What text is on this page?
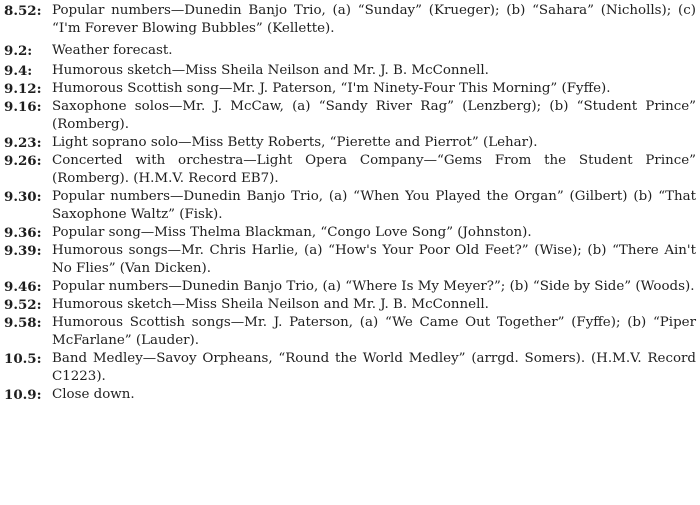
8.52: Popular numbers—Dunedin Banjo Trio, (a) “Sunday” (Krueger); (b) “Sahara” (Nicholls); (c) “I'm Forever Blowing Bubbles” (Kellette).
9.2:	Weather forecast.
9.4:	Humorous sketch—Miss Sheila Neilson and Mr. J. B. McConnell.
9.12: Humorous Scottish song—Mr. J. Paterson, “I'm Ninety-Four This Morning” (Fyffe).
9.16: Saxophone solos—Mr. J. McCaw, (a) “Sandy River Rag” (Lenzberg); (b) “Student Prince” (Romberg).
9.23: Light soprano solo—Miss Betty Roberts, “Pierette and Pierrot” (Lehar).
9.26: Concerted with orchestra—Light Opera Company—“Gems From the Student Prince” (Romberg). (H.M.V. Record EB7).
9.30: Popular numbers—Dunedin Banjo Trio, (a) “When You Played the Organ” (Gilbert) (b) “That Saxophone Waltz” (Fisk).
9.36: Popular song—Miss Thelma Blackman, “Congo Love Song” (Johnston).
9.39: Humorous songs—Mr. Chris Harlie, (a) “How's Your Poor Old Feet?” (Wise); (b) “There Ain't No Flies” (Van Dicken).
9.46: Popular numbers—Dunedin Banjo Trio, (a) “Where Is My Meyer?”; (b) “Side by Side” (Woods).
9.52: Humorous sketch—Miss Sheila Neilson and Mr. J. B. McConnell.
9.58: Humorous Scottish songs—Mr. J. Paterson, (a) “We Came Out Together” (Fyffe); (b) “Piper McFarlane” (Lauder).
10.5: Band Medley—Savoy Orpheans, “Round the World Medley” (arrgd. Somers). (H.M.V. Record C1223).
10.9: Close down.
